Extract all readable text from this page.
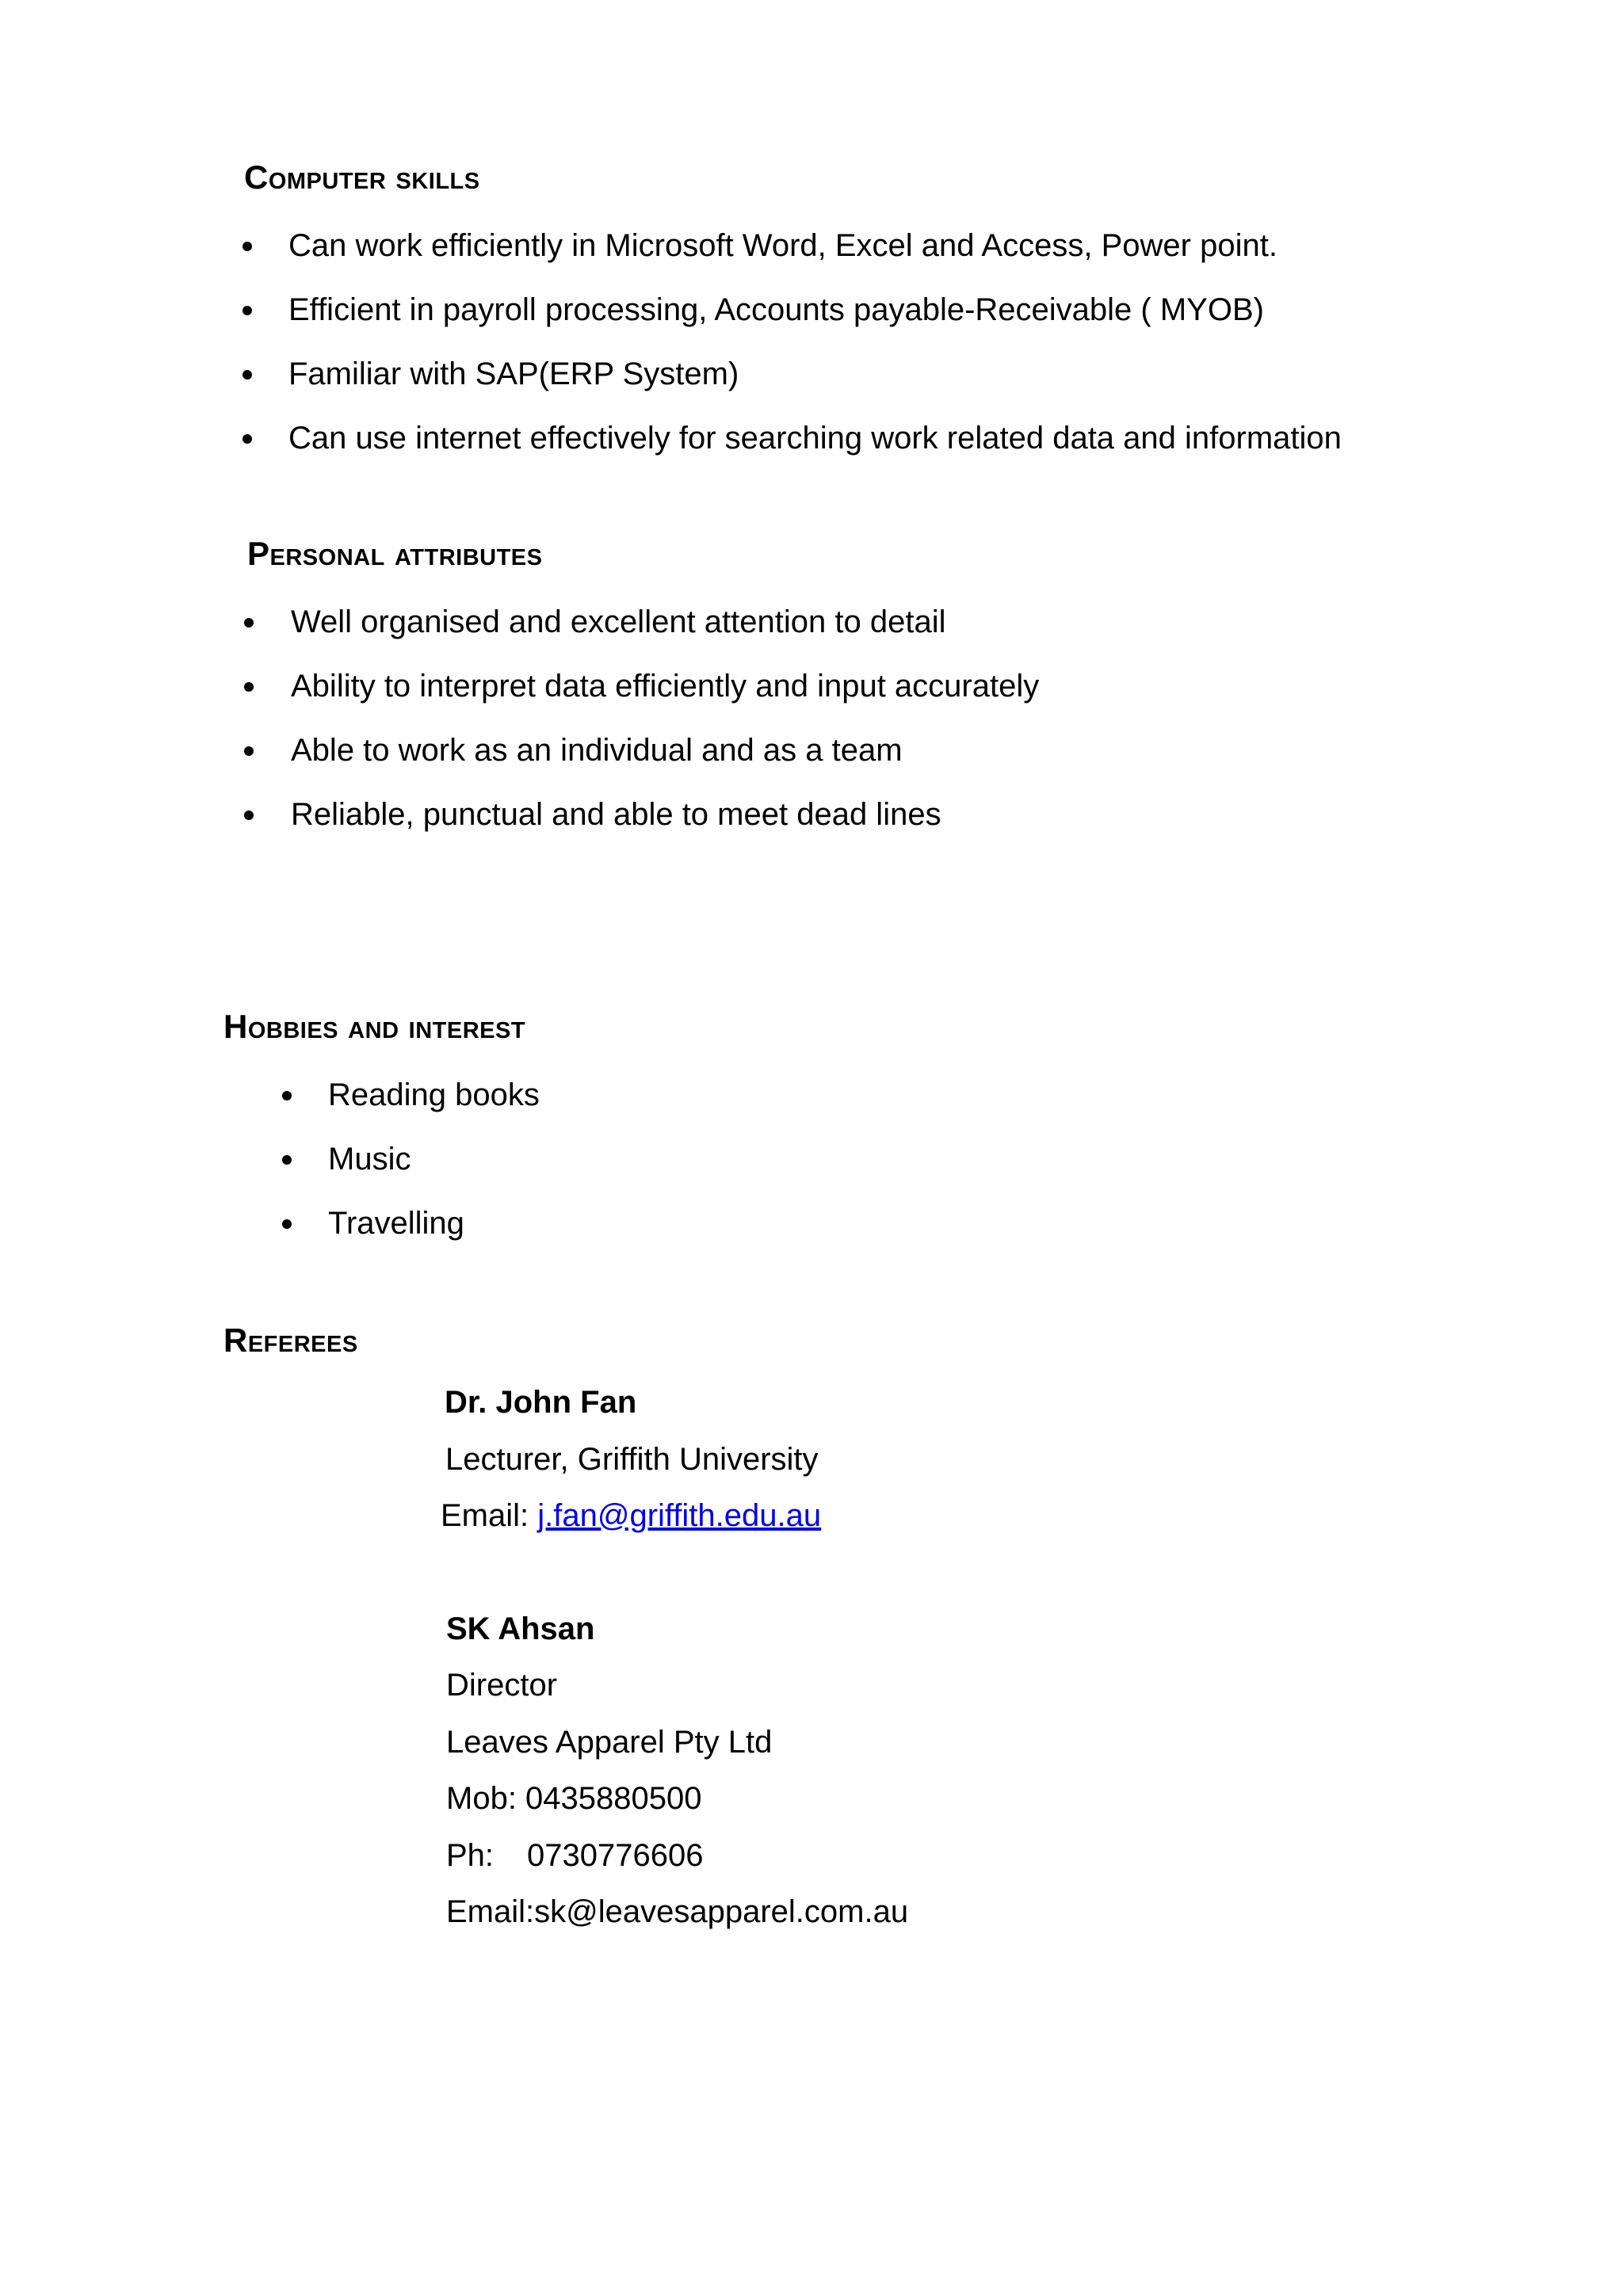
Computer skills
Can work efficiently in Microsoft Word, Excel and Access, Power point.
Efficient in payroll processing, Accounts payable-Receivable ( MYOB)
Familiar with SAP(ERP System)
Can use internet effectively for searching work related data and information
Personal attributes
Well organised and excellent attention to detail
Ability to interpret data efficiently and input accurately
Able to work as an individual and as a team
Reliable, punctual and able to meet dead lines
Hobbies and interest
Reading books
Music
Travelling
Referees

Dr. John Fan

Lecturer, Griffith University

Email: j.fan@griffith.edu.au

SK Ahsan

Director

Leaves Apparel Pty Ltd

Mob: 0435880500

Ph: 0730776606

Email:sk@leavesapparel.com.au
